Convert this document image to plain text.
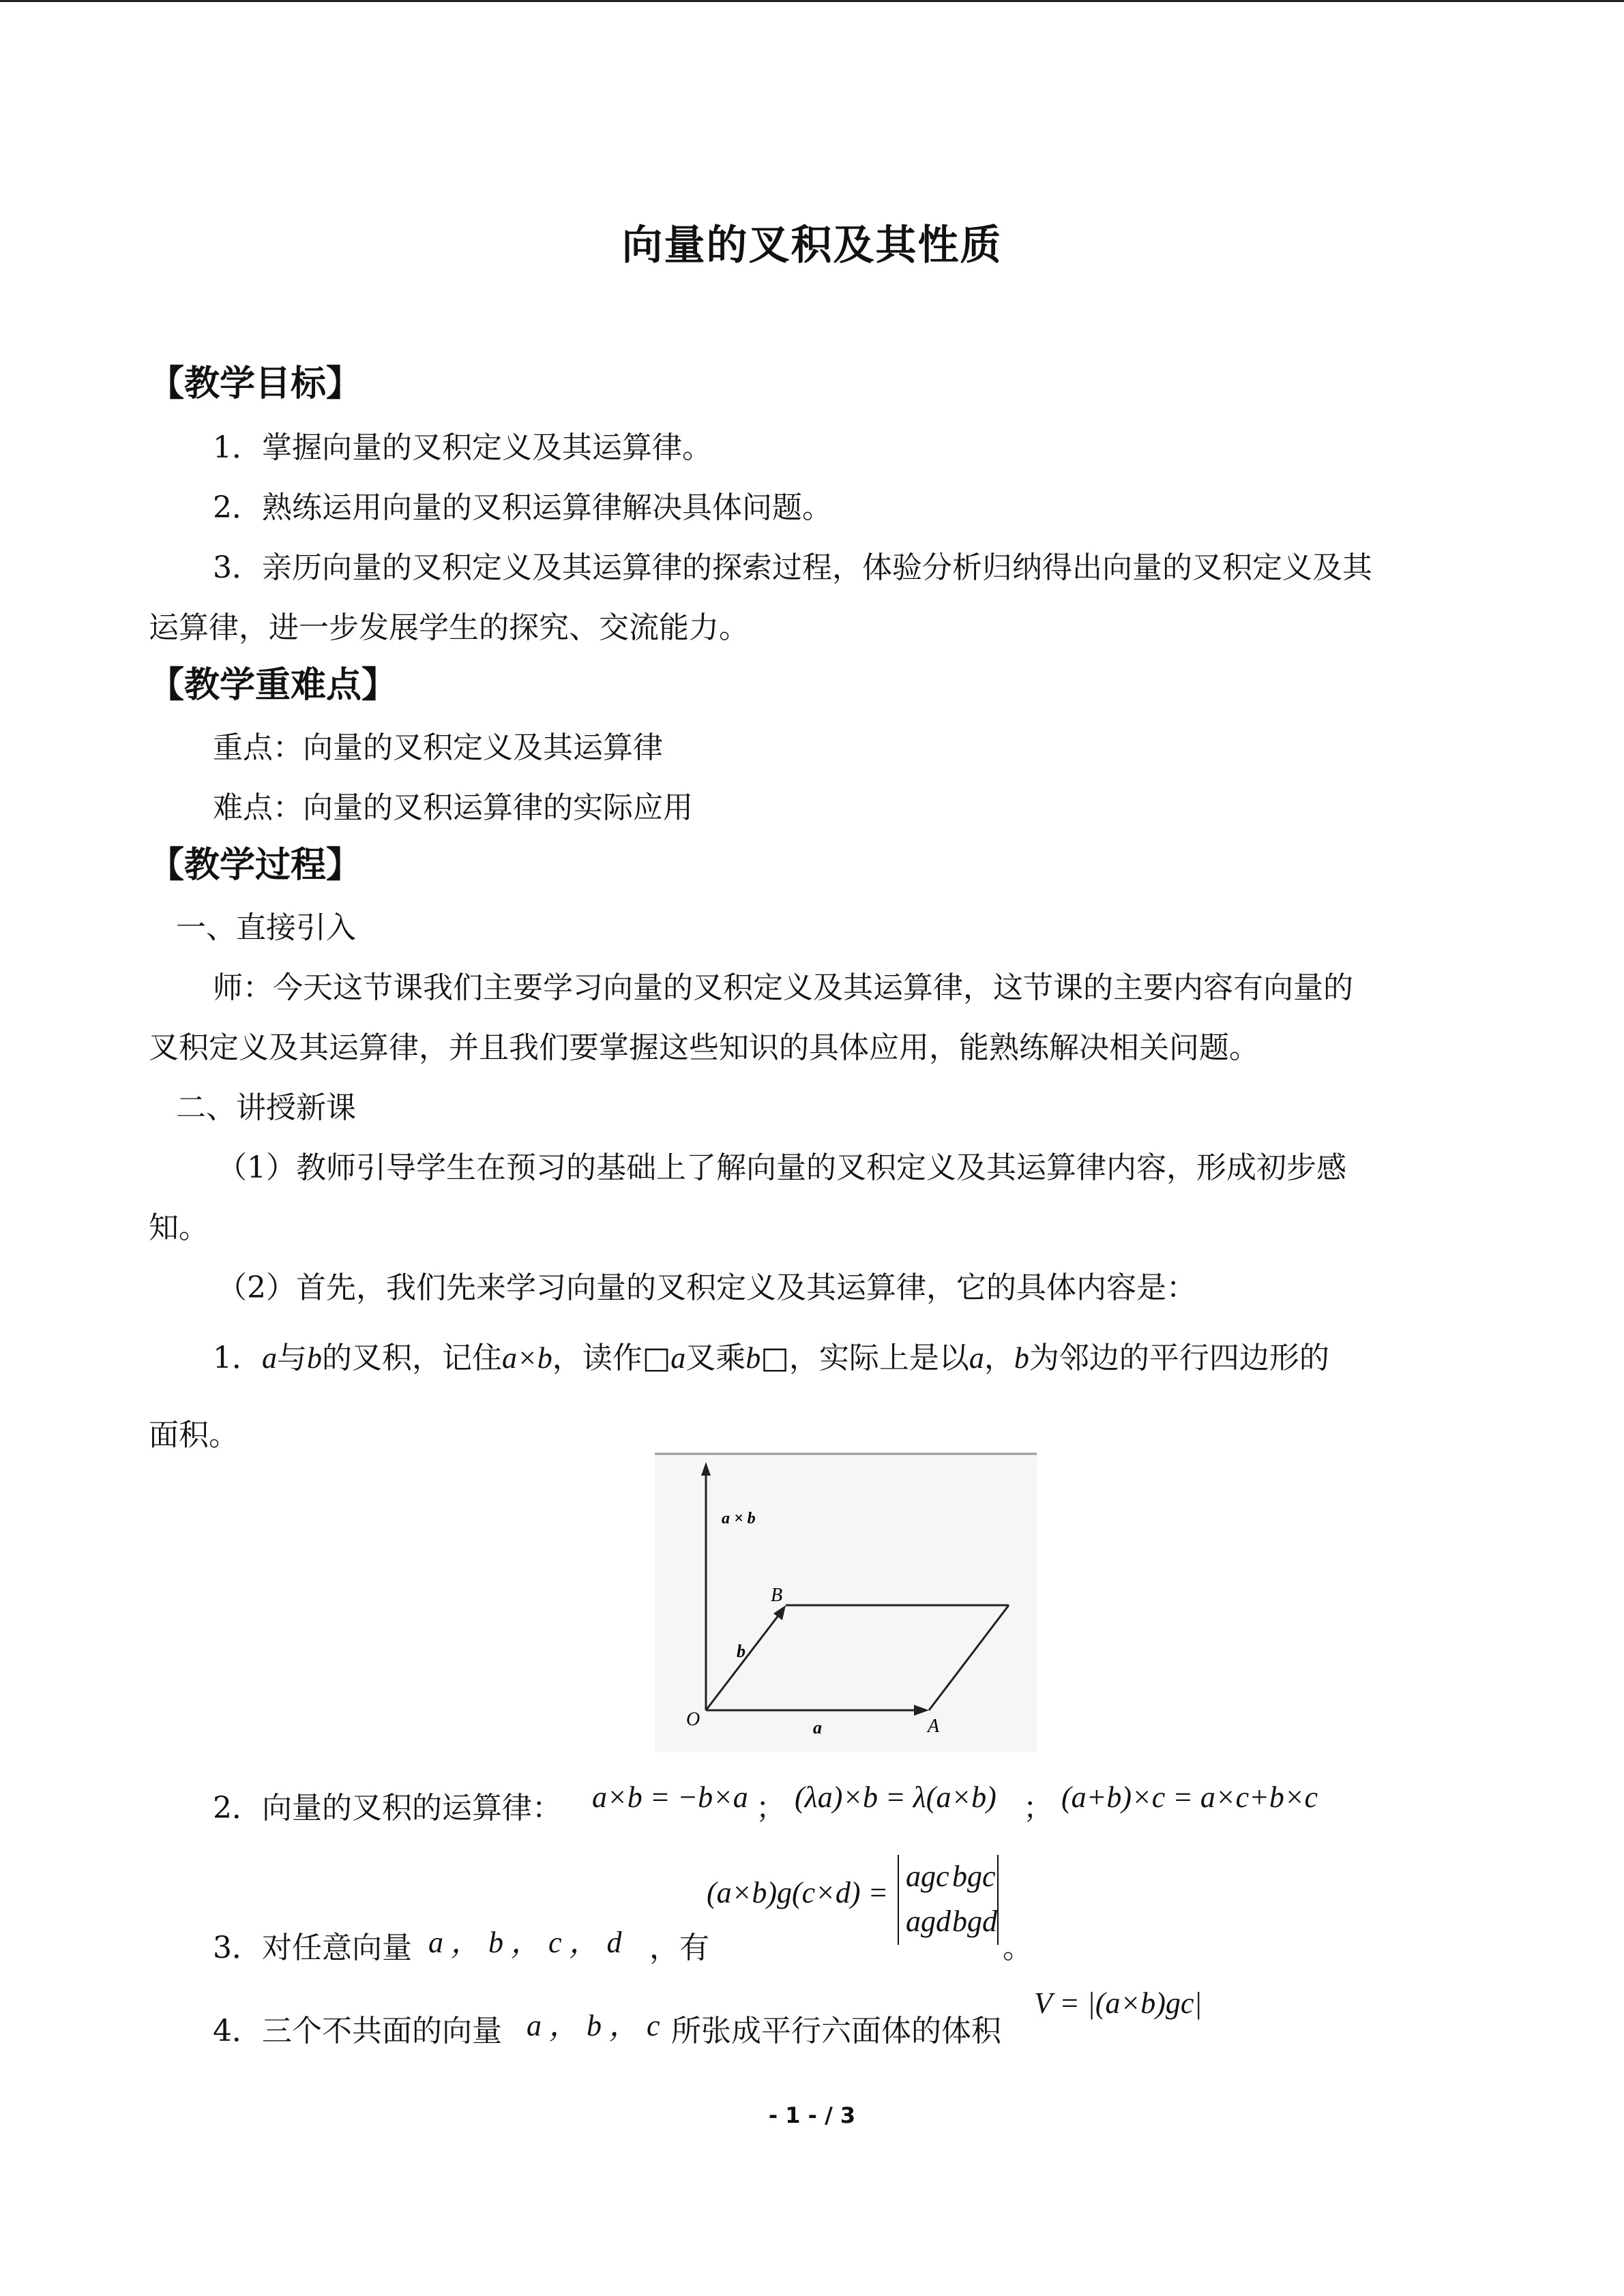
向量的叉积及其性质
【教学目标】
1．掌握向量的叉积定义及其运算律。
2．熟练运用向量的叉积运算律解决具体问题。
3．亲历向量的叉积定义及其运算律的探索过程，体验分析归纳得出向量的叉积定义及其
运算律，进一步发展学生的探究、交流能力。
【教学重难点】
重点：向量的叉积定义及其运算律
难点：向量的叉积运算律的实际应用
【教学过程】
一、直接引入
师：今天这节课我们主要学习向量的叉积定义及其运算律，这节课的主要内容有向量的
叉积定义及其运算律，并且我们要掌握这些知识的具体应用，能熟练解决相关问题。
二、讲授新课
（1）教师引导学生在预习的基础上了解向量的叉积定义及其运算律内容，形成初步感
知。
（2）首先，我们先来学习向量的叉积定义及其运算律，它的具体内容是：
1．a与b的叉积，记住a×b，读作□a叉乘b□，实际上是以a，b为邻边的平行四边形的
面积。
a × b
O	A
B
b
a
2．向量的叉积的运算律： a×b = −b×a ； (λa)×b = λ(a×b) ； (a+b)×c = a×c+b×c
3．对任意向量 a ， b ， c ， d ，有
(a×b)g(c×d) = agc bgc
agd bgd
。
4．三个不共面的向量 a ， b ， c 所张成平行六面体的体积
V = |(a×b)gc|
- 1 - / 3
